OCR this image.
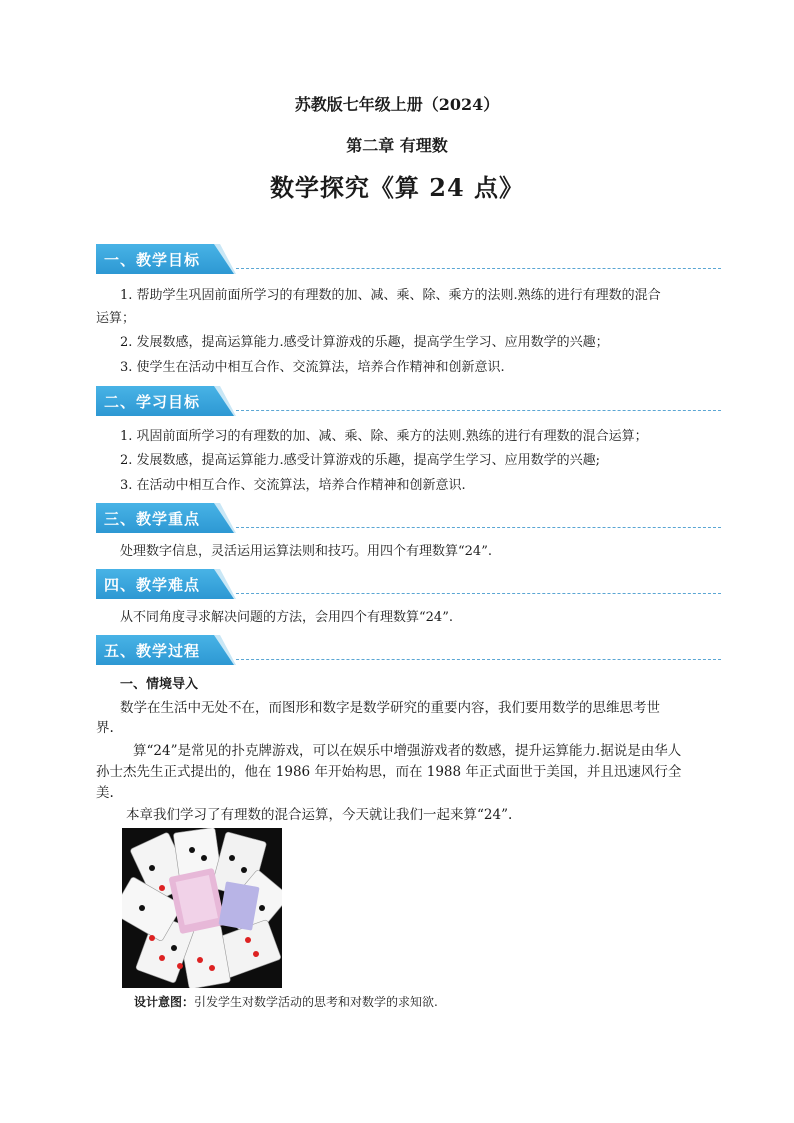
苏教版七年级上册（2024）
第二章 有理数
数学探究《算 24 点》
一、教学目标
1. 帮助学生巩固前面所学习的有理数的加、减、乘、除、乘方的法则.熟练的进行有理数的混合
运算；
2. 发展数感，提高运算能力.感受计算游戏的乐趣，提高学生学习、应用数学的兴趣；
3. 使学生在活动中相互合作、交流算法，培养合作精神和创新意识.
二、学习目标
1. 巩固前面所学习的有理数的加、减、乘、除、乘方的法则.熟练的进行有理数的混合运算；
2. 发展数感，提高运算能力.感受计算游戏的乐趣，提高学生学习、应用数学的兴趣;
3. 在活动中相互合作、交流算法，培养合作精神和创新意识.
三、教学重点
处理数字信息，灵活运用运算法则和技巧。用四个有理数算“24”.
四、教学难点
从不同角度寻求解决问题的方法，会用四个有理数算“24”.
五、教学过程
一、情境导入
数学在生活中无处不在，而图形和数字是数学研究的重要内容，我们要用数学的思维思考世
界.
算“24”是常见的扑克牌游戏，可以在娱乐中增强游戏者的数感，提升运算能力.据说是由华人
孙士杰先生正式提出的，他在 1986 年开始构思，而在 1988 年正式面世于美国，并且迅速风行全
美.
本章我们学习了有理数的混合运算，今天就让我们一起来算“24”.
设计意图：引发学生对数学活动的思考和对数学的求知欲.
